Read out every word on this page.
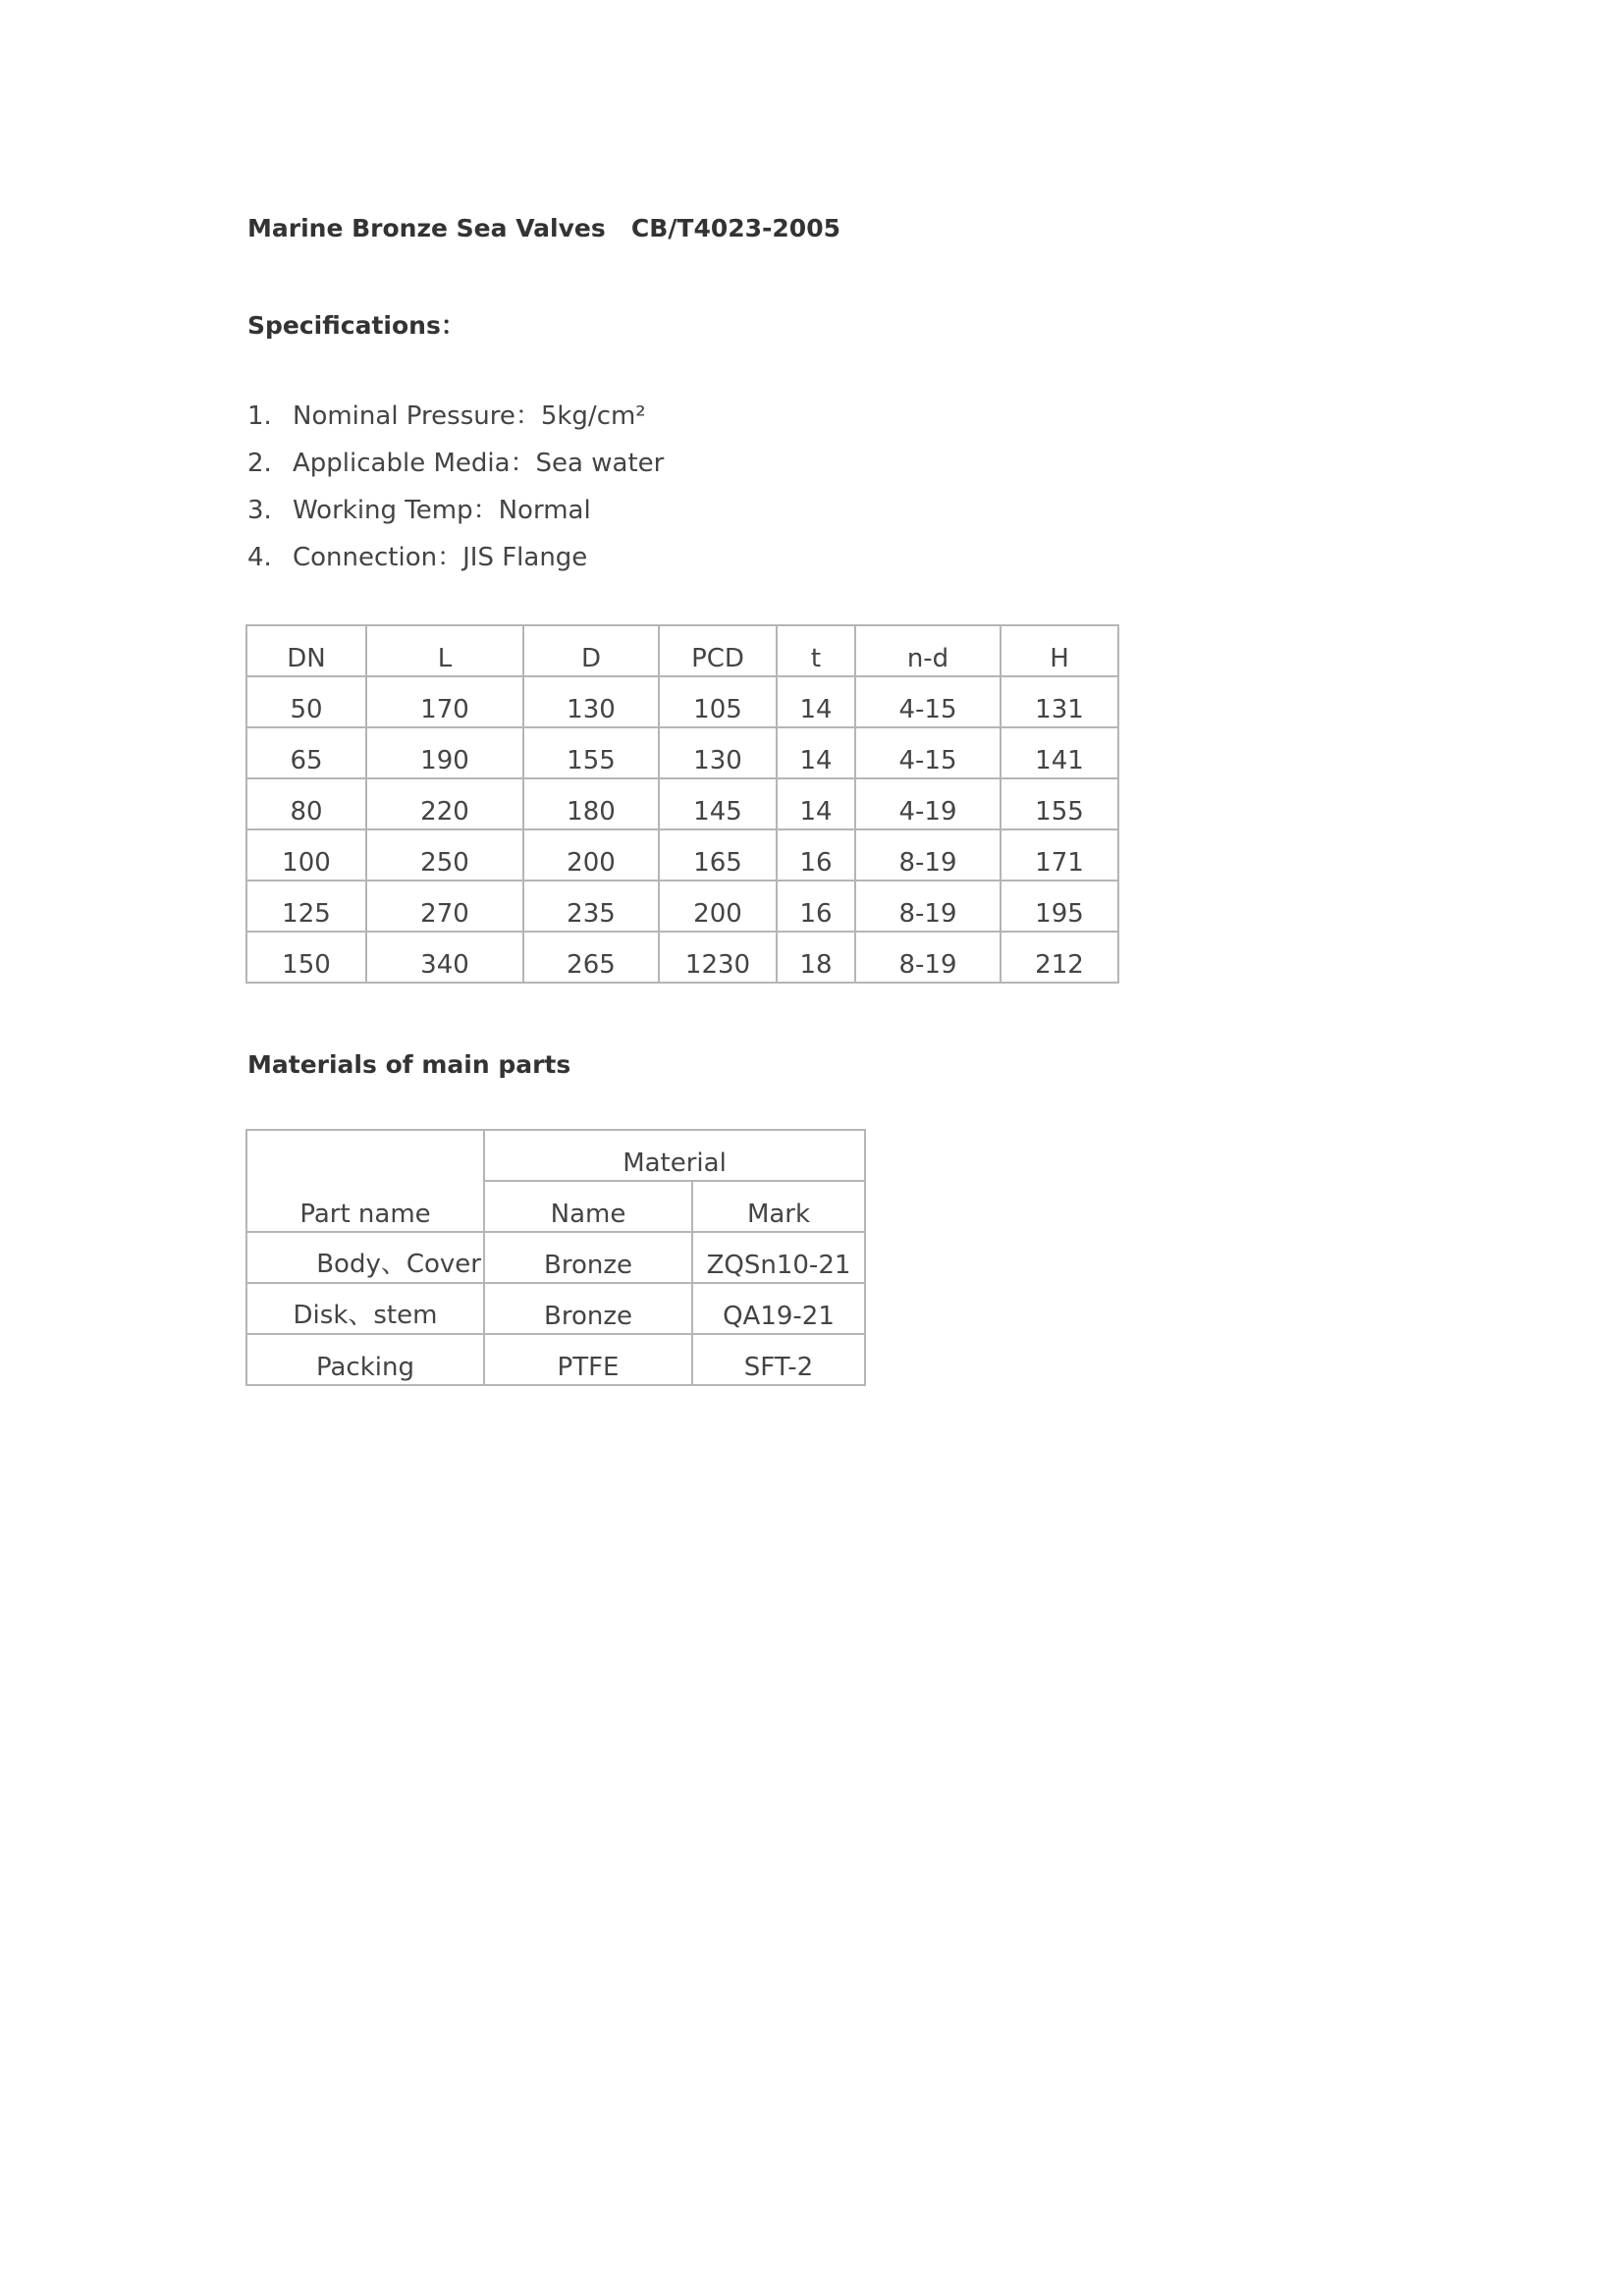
Marine Bronze Sea Valves   CB/T4023-2005
Specifications：
1. Nominal Pressure：5kg/cm²
2. Applicable Media：Sea water
3. Working Temp：Normal
4. Connection：JIS Flange
DN	L	D	PCD	t	n-d	H
50	170	130	105	14	4-15	131
65	190	155	130	14	4-15	141
80	220	180	145	14	4-19	155
100	250	200	165	16	8-19	171
125	270	235	200	16	8-19	195
150	340	265	1230	18	8-19	212
Materials of main parts
Part name	Material	
	Name	Mark
Body、Cover	Bronze	ZQSn10-21
Disk、stem	Bronze	QA19-21
Packing	PTFE	SFT-2
